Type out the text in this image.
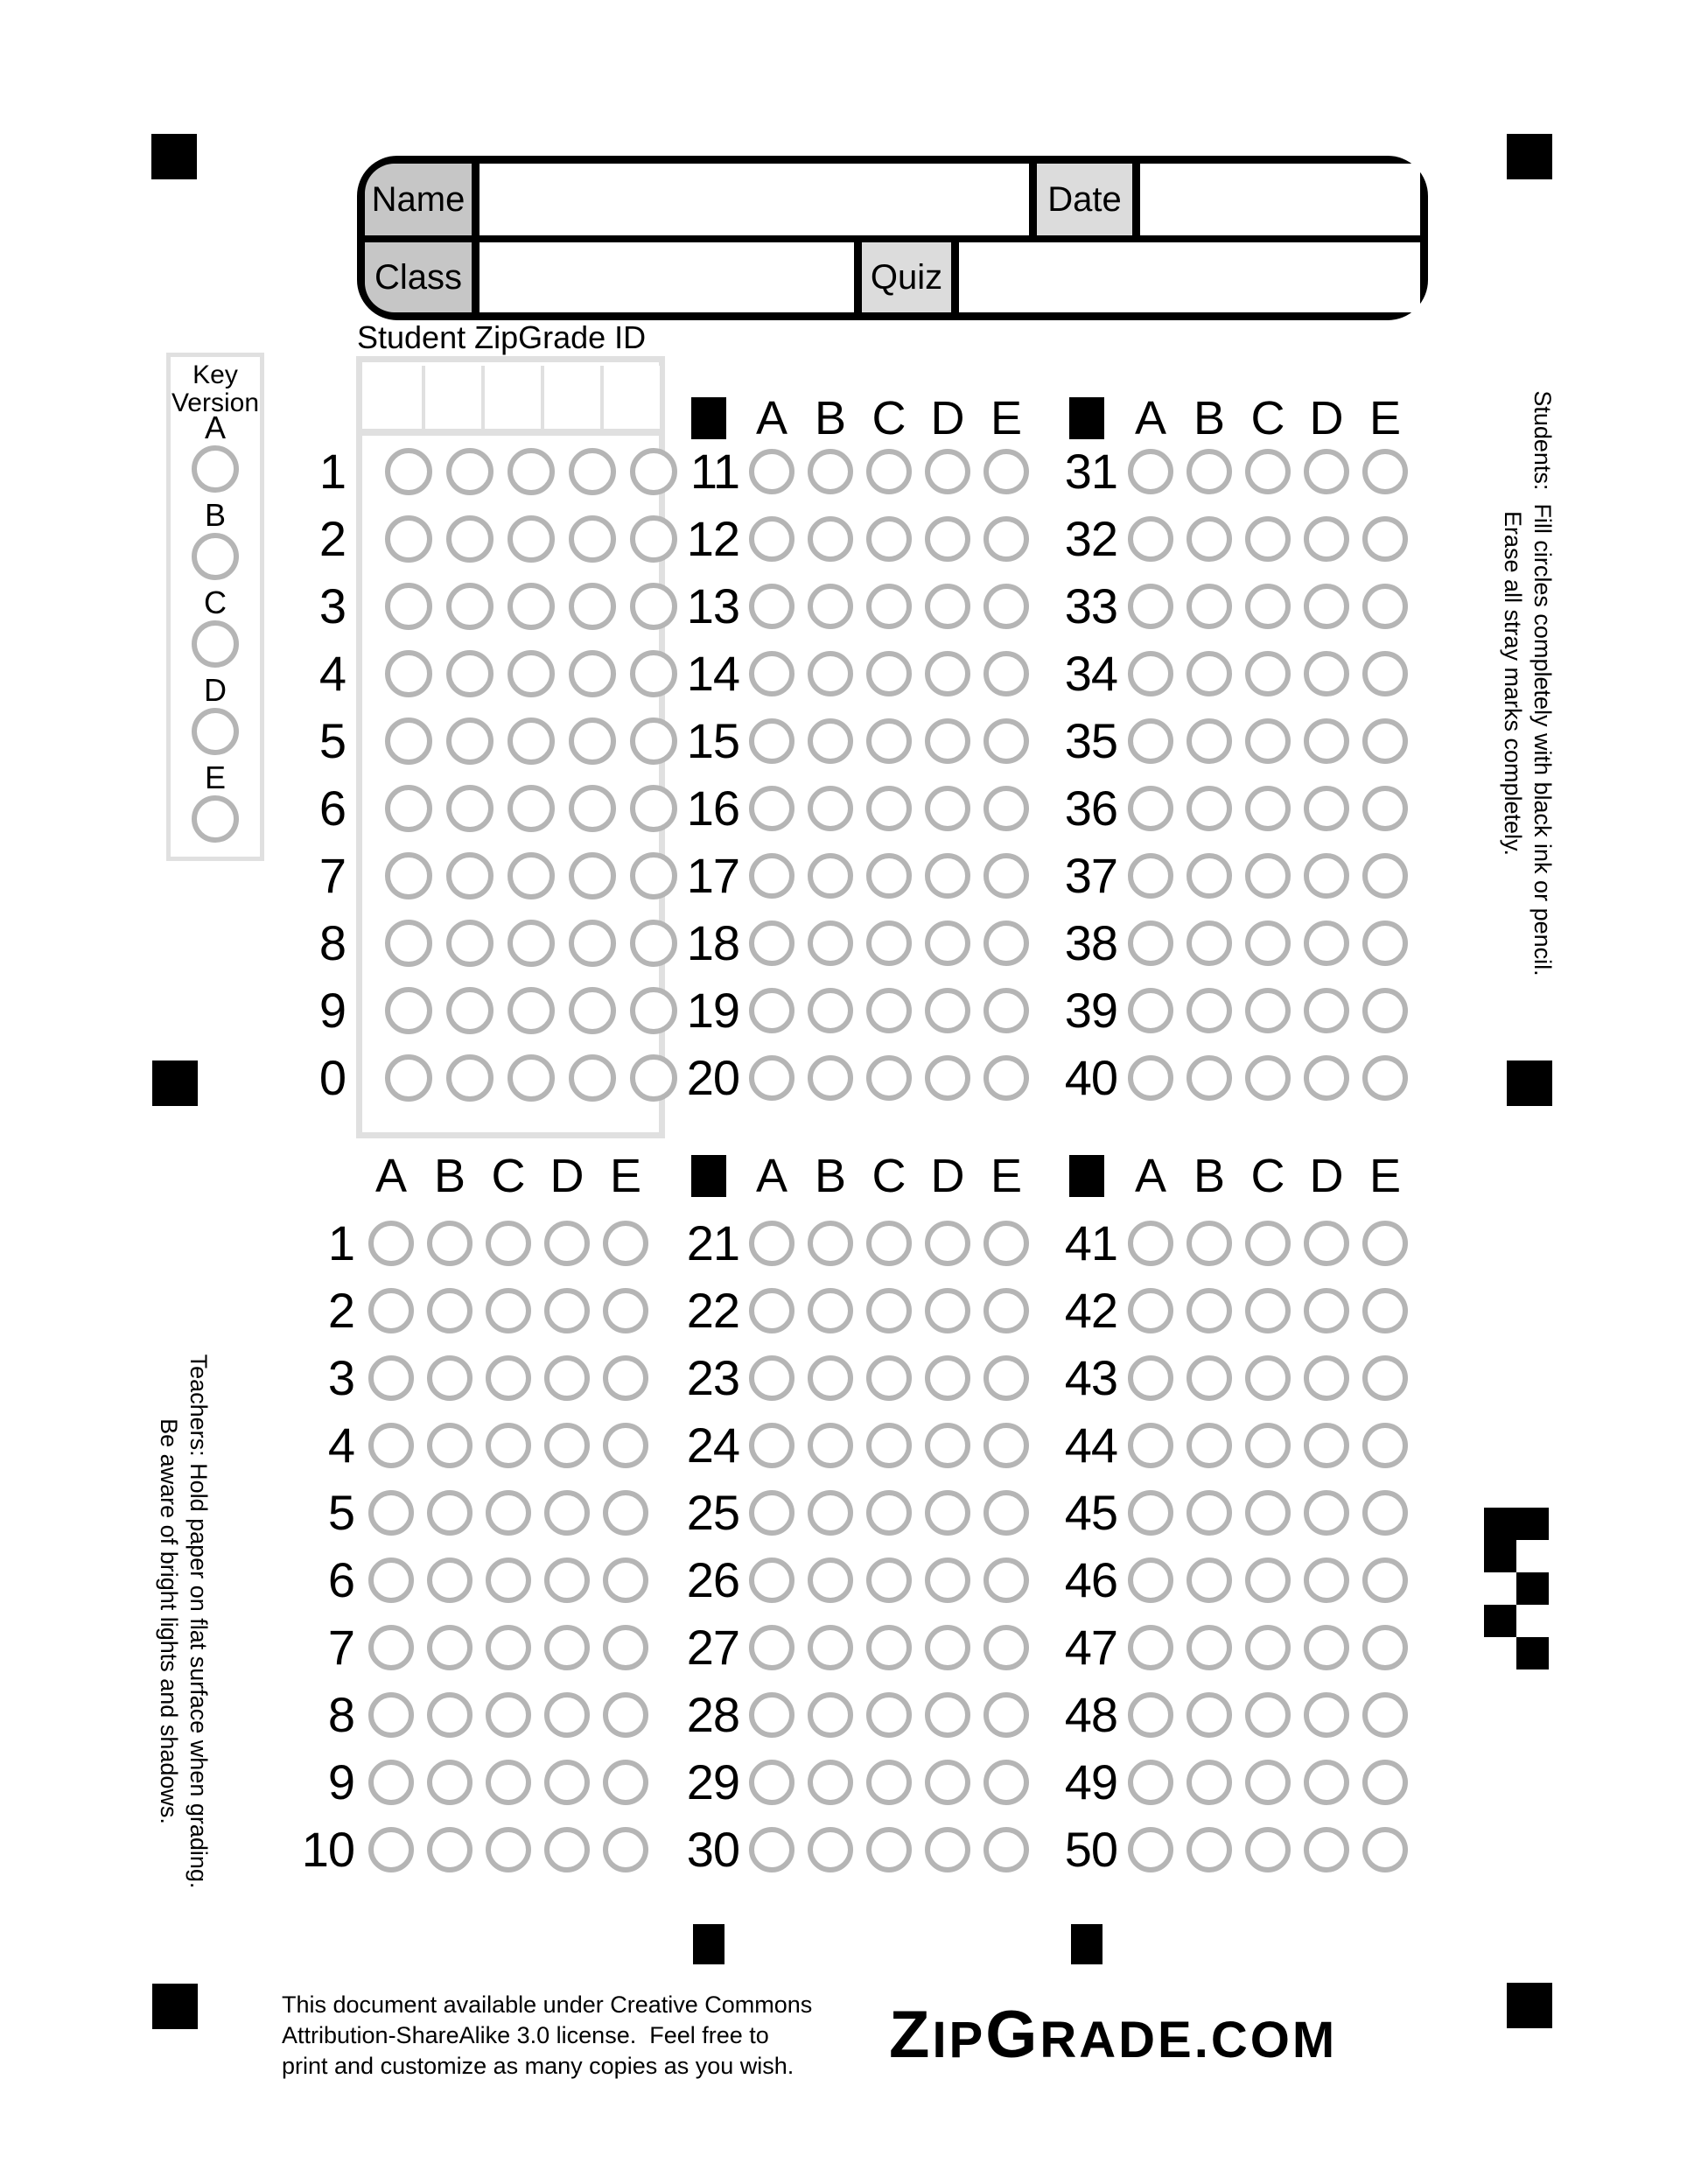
Name	Date
Class	Quiz
Student ZipGrade ID
Key
Version
A
B
C
D
E
1
2
3
4
5
6
7
8
9
0
A B C D E A B C D E
11
12
13
14
15
16
17
18
19
20
31
32
33
34
35
36
37
38
39
40
A B C D E A B C D E A B C D E
1
2
3
4
5
6
7
8
9
10
21
22
23
24
25
26
27
28
29
30
41
42
43
44
45
46
47
48
49
50
Students:  Fill circles completely with black ink or pencil.
Erase all stray marks completely.
Teachers: Hold paper on flat surface when grading.
Be aware of bright lights and shadows.
This document available under Creative Commons
Attribution-ShareAlike 3.0 license.  Feel free to
print and customize as many copies as you wish. Z IP G RADE .COM
